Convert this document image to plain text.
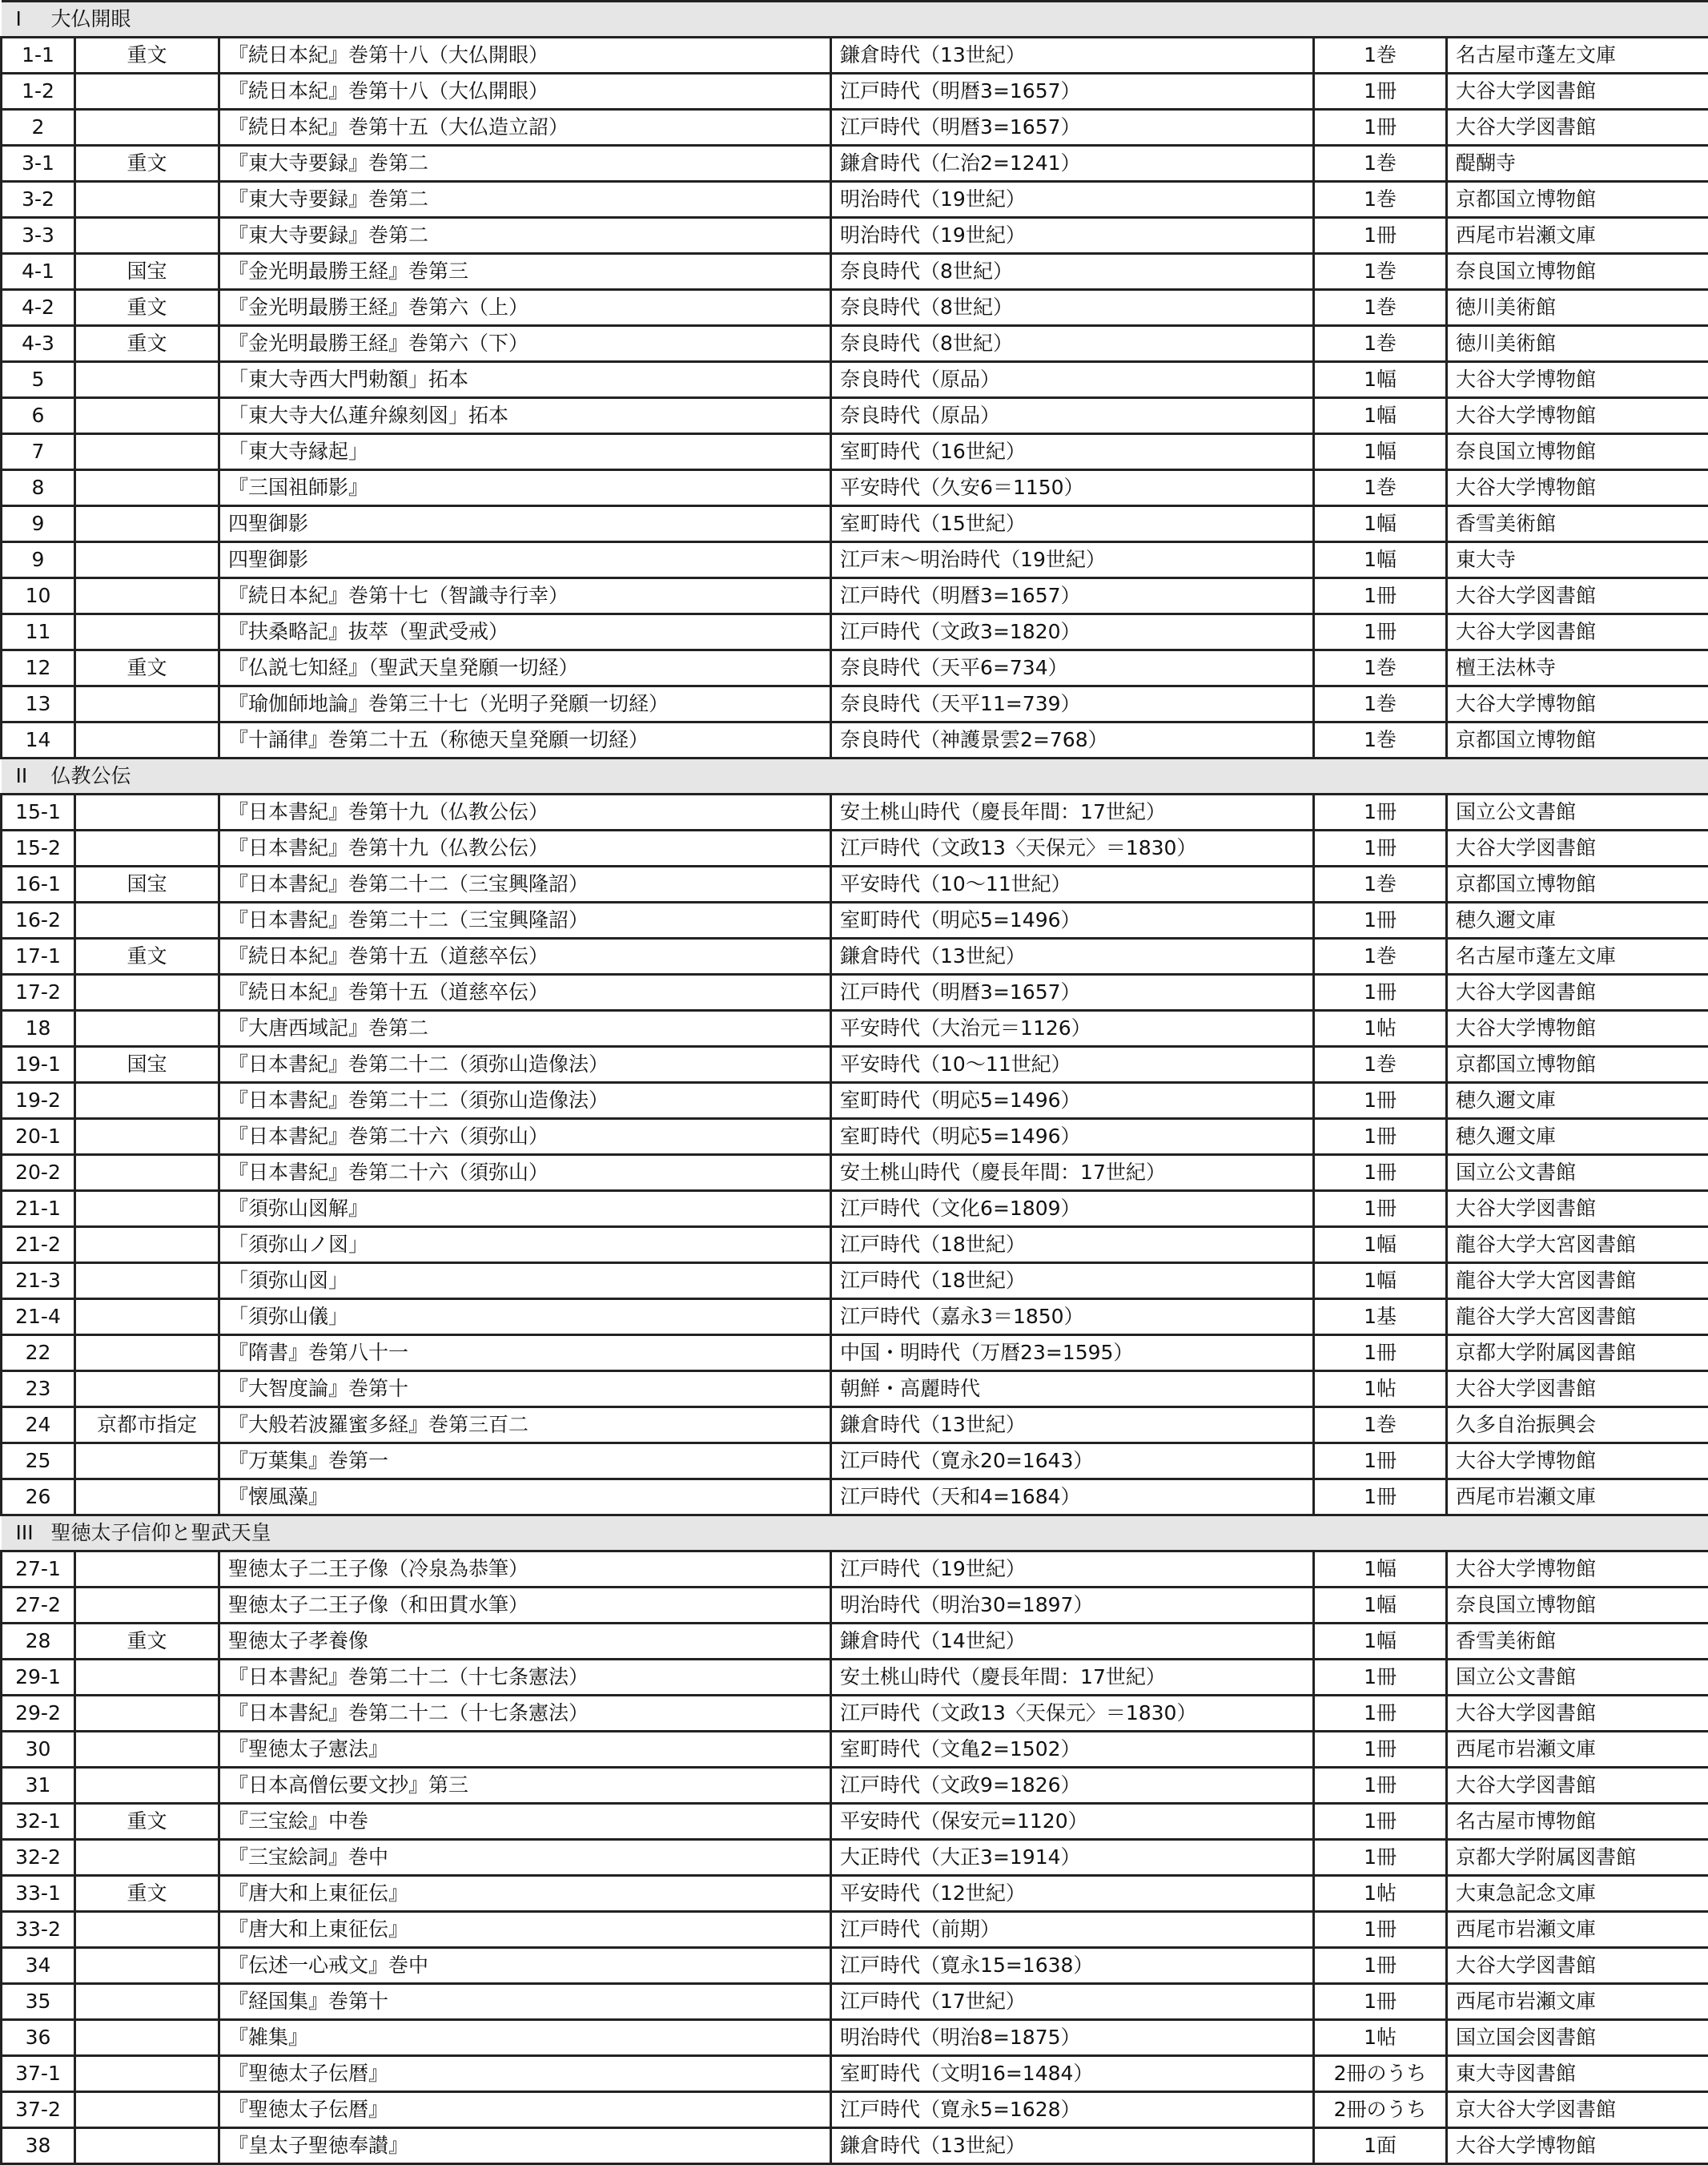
I 大仏開眼					
1-1	重文	『続日本紀』巻第十八（大仏開眼）	鎌倉時代（13世紀）	1巻	名古屋市蓬左文庫
1-2		『続日本紀』巻第十八（大仏開眼）	江戸時代（明暦3=1657）	1冊	大谷大学図書館
2		『続日本紀』巻第十五（大仏造立詔）	江戸時代（明暦3=1657）	1冊	大谷大学図書館
3-1	重文	『東大寺要録』巻第二	鎌倉時代（仁治2=1241）	1巻	醍醐寺
3-2		『東大寺要録』巻第二	明治時代（19世紀）	1巻	京都国立博物館
3-3		『東大寺要録』巻第二	明治時代（19世紀）	1冊	西尾市岩瀬文庫
4-1	国宝	『金光明最勝王経』巻第三	奈良時代（8世紀）	1巻	奈良国立博物館
4-2	重文	『金光明最勝王経』巻第六（上）	奈良時代（8世紀）	1巻	徳川美術館
4-3	重文	『金光明最勝王経』巻第六（下）	奈良時代（8世紀）	1巻	徳川美術館
5		「東大寺西大門勅額」拓本	奈良時代（原品）	1幅	大谷大学博物館
6		「東大寺大仏蓮弁線刻図」拓本	奈良時代（原品）	1幅	大谷大学博物館
7		「東大寺縁起」	室町時代（16世紀）	1幅	奈良国立博物館
8		『三国祖師影』	平安時代（久安6＝1150）	1巻	大谷大学博物館
9		四聖御影	室町時代（15世紀）	1幅	香雪美術館
9		四聖御影	江戸末～明治時代（19世紀）	1幅	東大寺
10		『続日本紀』巻第十七（智識寺行幸）	江戸時代（明暦3=1657）	1冊	大谷大学図書館
11		『扶桑略記』抜萃（聖武受戒）	江戸時代（文政3=1820）	1冊	大谷大学図書館
12	重文	『仏説七知経』（聖武天皇発願一切経）	奈良時代（天平6=734）	1巻	檀王法林寺
13		『瑜伽師地論』巻第三十七（光明子発願一切経）	奈良時代（天平11=739）	1巻	大谷大学博物館
14		『十誦律』巻第二十五（称徳天皇発願一切経）	奈良時代（神護景雲2=768）	1巻	京都国立博物館
II 仏教公伝					
15-1		『日本書紀』巻第十九（仏教公伝）	安土桃山時代（慶長年間：17世紀）	1冊	国立公文書館
15-2		『日本書紀』巻第十九（仏教公伝）	江戸時代（文政13〈天保元〉＝1830）	1冊	大谷大学図書館
16-1	国宝	『日本書紀』巻第二十二（三宝興隆詔）	平安時代（10～11世紀）	1巻	京都国立博物館
16-2		『日本書紀』巻第二十二（三宝興隆詔）	室町時代（明応5=1496）	1冊	穂久邇文庫
17-1	重文	『続日本紀』巻第十五（道慈卒伝）	鎌倉時代（13世紀）	1巻	名古屋市蓬左文庫
17-2		『続日本紀』巻第十五（道慈卒伝）	江戸時代（明暦3=1657）	1冊	大谷大学図書館
18		『大唐西域記』巻第二	平安時代（大治元＝1126）	1帖	大谷大学博物館
19-1	国宝	『日本書紀』巻第二十二（須弥山造像法）	平安時代（10～11世紀）	1巻	京都国立博物館
19-2		『日本書紀』巻第二十二（須弥山造像法）	室町時代（明応5=1496）	1冊	穂久邇文庫
20-1		『日本書紀』巻第二十六（須弥山）	室町時代（明応5=1496）	1冊	穂久邇文庫
20-2		『日本書紀』巻第二十六（須弥山）	安土桃山時代（慶長年間：17世紀）	1冊	国立公文書館
21-1		『須弥山図解』	江戸時代（文化6=1809）	1冊	大谷大学図書館
21-2		「須弥山ノ図」	江戸時代（18世紀）	1幅	龍谷大学大宮図書館
21-3		「須弥山図」	江戸時代（18世紀）	1幅	龍谷大学大宮図書館
21-4		「須弥山儀」	江戸時代（嘉永3＝1850）	1基	龍谷大学大宮図書館
22		『隋書』巻第八十一	中国・明時代（万暦23=1595）	1冊	京都大学附属図書館
23		『大智度論』巻第十	朝鮮・高麗時代	1帖	大谷大学図書館
24	京都市指定	『大般若波羅蜜多経』巻第三百二	鎌倉時代（13世紀）	1巻	久多自治振興会
25		『万葉集』巻第一	江戸時代（寛永20=1643）	1冊	大谷大学博物館
26		『懐風藻』	江戸時代（天和4=1684）	1冊	西尾市岩瀬文庫
III 聖徳太子信仰と聖武天皇					
27-1		聖徳太子二王子像（冷泉為恭筆）	江戸時代（19世紀）	1幅	大谷大学博物館
27-2		聖徳太子二王子像（和田貫水筆）	明治時代（明治30=1897）	1幅	奈良国立博物館
28	重文	聖徳太子孝養像	鎌倉時代（14世紀）	1幅	香雪美術館
29-1		『日本書紀』巻第二十二（十七条憲法）	安土桃山時代（慶長年間：17世紀）	1冊	国立公文書館
29-2		『日本書紀』巻第二十二（十七条憲法）	江戸時代（文政13〈天保元〉＝1830）	1冊	大谷大学図書館
30		『聖徳太子憲法』	室町時代（文亀2=1502）	1冊	西尾市岩瀬文庫
31		『日本高僧伝要文抄』第三	江戸時代（文政9=1826）	1冊	大谷大学図書館
32-1	重文	『三宝絵』中巻	平安時代（保安元=1120）	1冊	名古屋市博物館
32-2		『三宝絵詞』巻中	大正時代（大正3=1914）	1冊	京都大学附属図書館
33-1	重文	『唐大和上東征伝』	平安時代（12世紀）	1帖	大東急記念文庫
33-2		『唐大和上東征伝』	江戸時代（前期）	1冊	西尾市岩瀬文庫
34		『伝述一心戒文』巻中	江戸時代（寛永15=1638）	1冊	大谷大学図書館
35		『経国集』巻第十	江戸時代（17世紀）	1冊	西尾市岩瀬文庫
36		『雑集』	明治時代（明治8=1875）	1帖	国立国会図書館
37-1		『聖徳太子伝暦』	室町時代（文明16=1484）	2冊のうち	東大寺図書館
37-2		『聖徳太子伝暦』	江戸時代（寛永5=1628）	2冊のうち	京大谷大学図書館
38		『皇太子聖徳奉讃』	鎌倉時代（13世紀）	1面	大谷大学博物館
